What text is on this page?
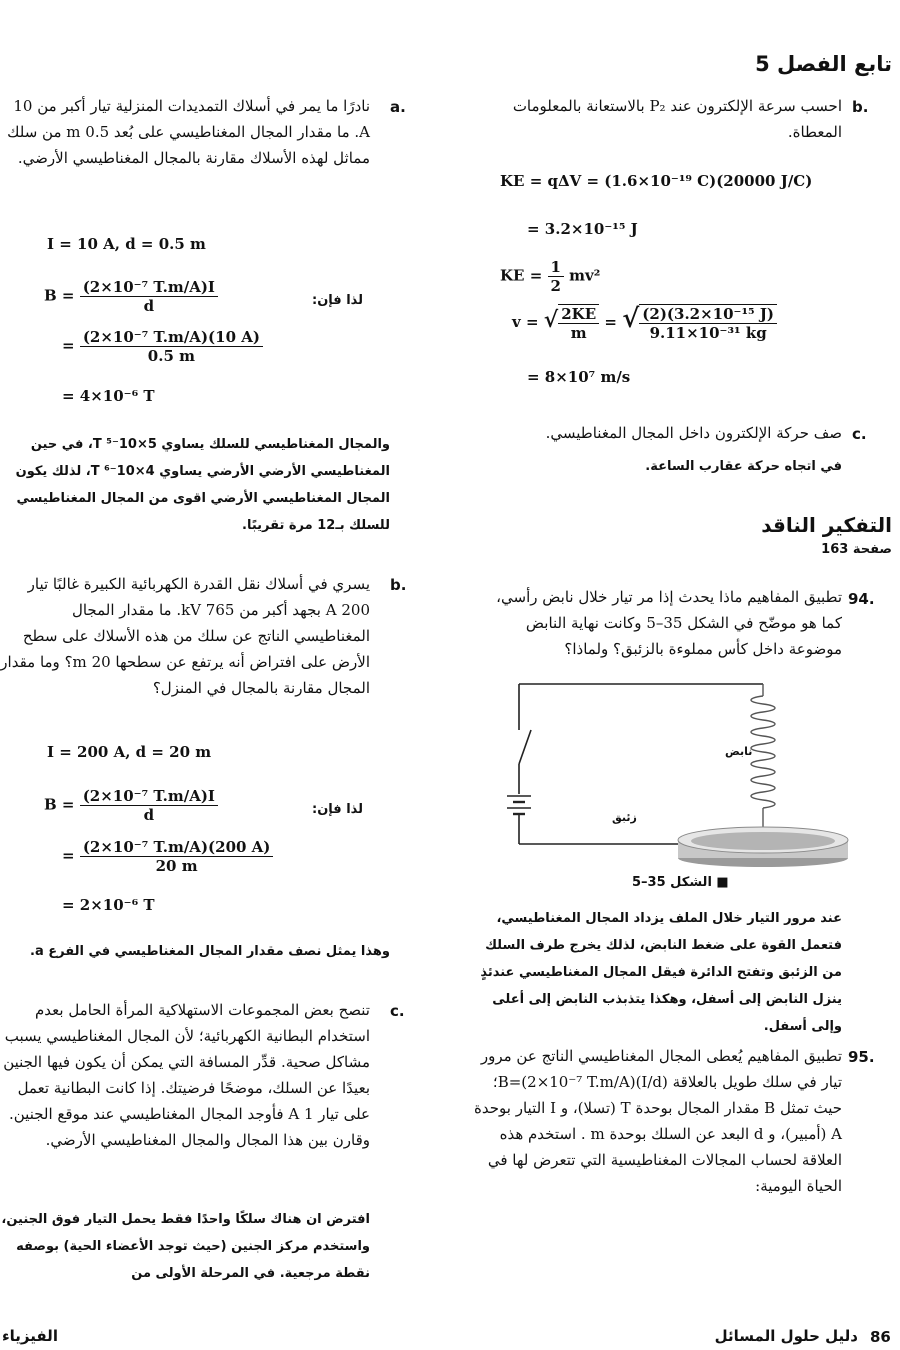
تابع الفصل 5
b.
احسب سرعة الإلكترون عند P₂ بالاستعانة بالمعلومات المعطاة.
KE = qΔV = (1.6×10⁻¹⁹ C)(20000 J/C)
= 3.2×10⁻¹⁵ J
KE = $\frac{1}{2} mv^2$
v = √ $\frac{2KE}{m}$ = √ $\frac{\text{(2)(3.2×10⁻¹⁵ J)}}{\text{9.11×10⁻³¹ kg}}$
= 8×10⁷ m/s
c.
صف حركة الإلكترون داخل المجال المغناطيسي.
في اتجاه حركة عقارب الساعة.
التفكير الناقد
صفحة 163
94.
تطبيق المفاهيم ماذا يحدث إذا مر تيار خلال نابض رأسي، كما هو موضّح في الشكل 35–5 وكانت نهاية النابض موضوعة داخل كأس مملوءة بالزئبق؟ ولماذا؟
نابض
زئبق
■ الشكل 35–5
عند مرور التيار خلال الملف يزداد المجال المغناطيسي، فتعمل القوة على ضغط النابض، لذلك يخرج طرف السلك من الزئبق وتفتح الدائرة فيقل المجال المغناطيسي عندئذٍ ينزل النابض إلى أسفل، وهكذا يتذبذب النابض إلى أعلى وإلى أسفل.
95.
تطبيق المفاهيم يُعطى المجال المغناطيسي الناتج عن مرور تيار في سلك طويل بالعلاقة B=(2×10⁻⁷ T.m/A)(I/d)؛ حيث تمثل B مقدار المجال بوحدة T (تسلا)، و I التيار بوحدة A (أمبير)، و d البعد عن السلك بوحدة m . استخدم هذه العلاقة لحساب المجالات المغناطيسية التي تتعرض لها في الحياة اليومية:
a.
نادرًا ما يمر في أسلاك التمديدات المنزلية تيار أكبر من 10 A. ما مقدار المجال المغناطيسي على بُعد 0.5 m من سلك مماثل لهذه الأسلاك مقارنة بالمجال المغناطيسي الأرضي.
I = 10 A, d = 0.5 m
$B = \frac{\text{(2×10⁻⁷ T.m/A)I}}{d}$	لذا فإن:
= $\frac{\text{(2×10⁻⁷ T.m/A)(10 A)}}{0.5 m}$
= 4×10⁻⁶ T
والمجال المغناطيسي للسلك يساوي 5×10⁻⁵ T، في حين المغناطيسي الأرضي الأرضي يساوي 4×10⁻⁶ T، لذلك يكون المجال المغناطيسي الأرضي اقوى من المجال المغناطيسي للسلك بـ12 مرة تقريبًا.
b.
يسري في أسلاك نقل القدرة الكهربائية الكبيرة غالبًا تيار 200 A بجهد أكبر من 765 kV. ما مقدار المجال المغناطيسي الناتج عن سلك من هذه الأسلاك على سطح الأرض على افتراض أنه يرتفع عن سطحها 20 m؟ وما مقدار المجال مقارنة بالمجال في المنزل؟
I = 200 A, d = 20 m
$B = \frac{\text{(2×10⁻⁷ T.m/A)I}}{d}$	لذا فإن:
= $\frac{\text{(2×10⁻⁷ T.m/A)(200 A)}}{20 m}$
= 2×10⁻⁶ T
وهذا يمثل نصف مقدار المجال المغناطيسي في الفرع a.
c.
تنصح بعض المجموعات الاستهلاكية المرأة الحامل بعدم استخدام البطانية الكهربائية؛ لأن المجال المغناطيسي يسبب مشاكل صحية. قدِّر المسافة التي يمكن أن يكون فيها الجنين بعيدًا عن السلك، موضحًا فرضيتك. إذا كانت البطانية تعمل على تيار 1 A فأوجد المجال المغناطيسي عند موقع الجنين. وقارن بين هذا المجال والمجال المغناطيسي الأرضي.
افترض ان هناك سلكًا واحدًا فقط يحمل التيار فوق الجنين، واستخدم مركز الجنين (حيث توجد الأعضاء الحية) بوصفه نقطة مرجعية. في المرحلة الأولى من
86
دليل حلول المسائل
الفيزياء
